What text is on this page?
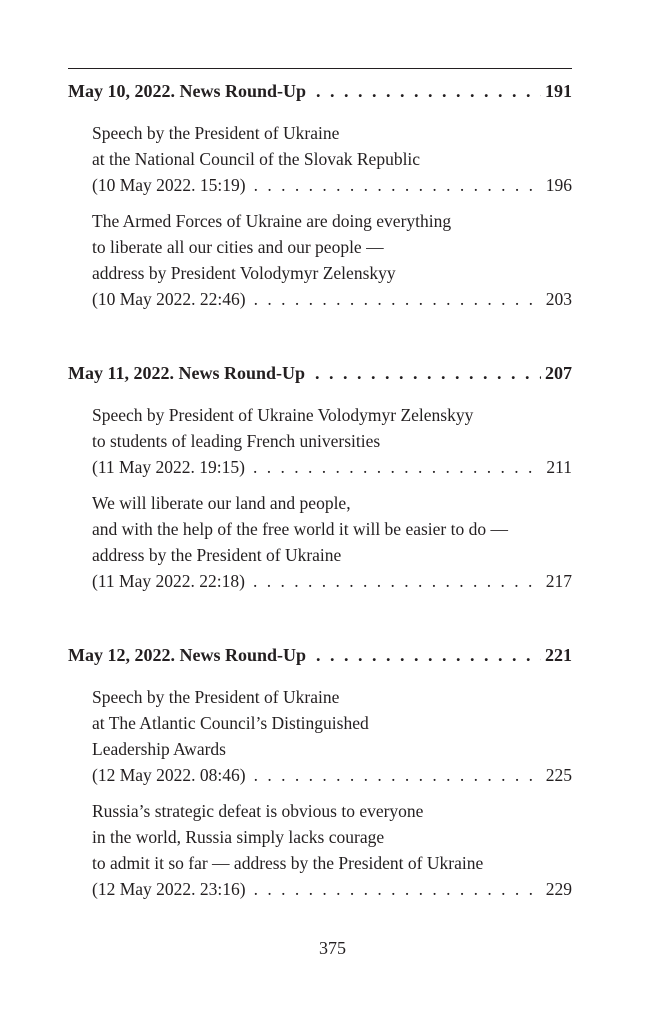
May 10, 2022. News Round-Up . . .	191
Speech by the President of Ukraine
at the National Council of the Slovak Republic
(10 May 2022. 15:19) . . .	196
The Armed Forces of Ukraine are doing everything
to liberate all our cities and our people —
address by President Volodymyr Zelenskyy
(10 May 2022. 22:46) . . .	203
May 11, 2022. News Round-Up . . .	207
Speech by President of Ukraine Volodymyr Zelenskyy
to students of leading French universities
(11 May 2022. 19:15) . . .	211
We will liberate our land and people,
and with the help of the free world it will be easier to do —
address by the President of Ukraine
(11 May 2022. 22:18) . . .	217
May 12, 2022. News Round-Up . . .	221
Speech by the President of Ukraine
at The Atlantic Council’s Distinguished
Leadership Awards
(12 May 2022. 08:46) . . .	225
Russia’s strategic defeat is obvious to everyone
in the world, Russia simply lacks courage
to admit it so far — address by the President of Ukraine
(12 May 2022. 23:16) . . .	229
375
